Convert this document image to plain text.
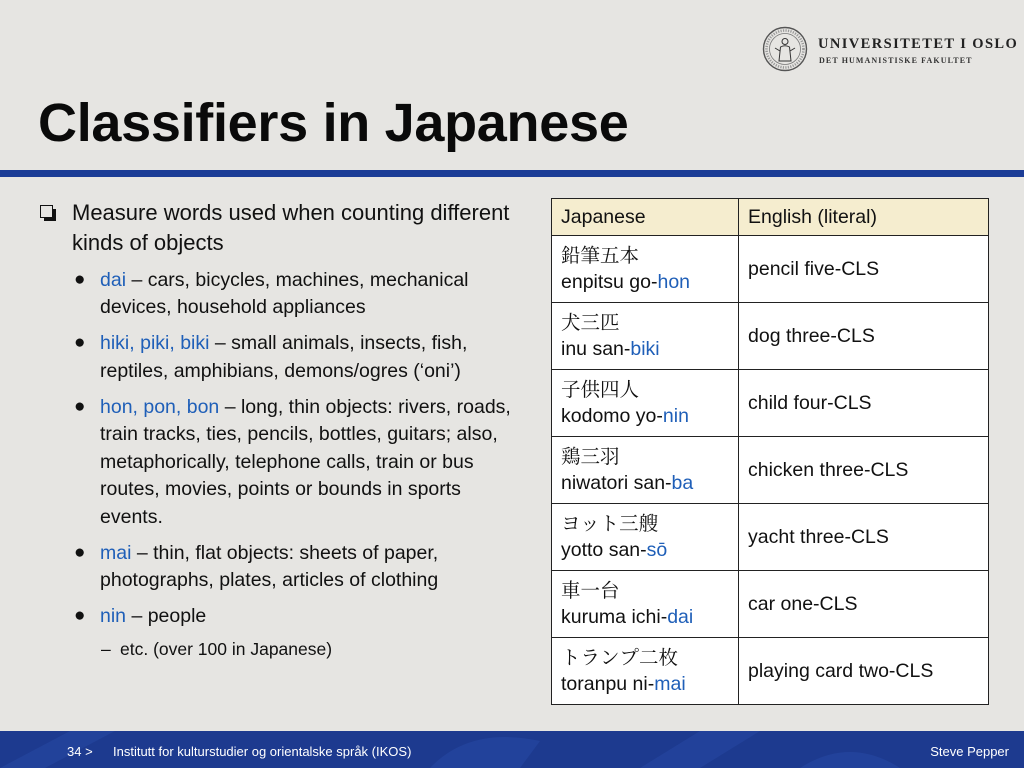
UNIVERSITETET I OSLO
DET HUMANISTISKE FAKULTET
Classifiers in Japanese
Measure words used when counting different kinds of objects
● dai – cars, bicycles, machines, mechanical devices, household appliances
● hiki, piki, biki – small animals, insects, fish, reptiles, amphibians, demons/ogres (‘oni’)
● hon, pon, bon – long, thin objects: rivers, roads, train tracks, ties, pencils, bottles, guitars; also, metaphorically, telephone calls, train or bus routes, movies, points or bounds in sports events.
● mai – thin, flat objects: sheets of paper, photographs, plates, articles of clothing
● nin – people
– etc. (over 100 in Japanese)
Japanese	English (literal)
鉛筆五本
enpitsu go-hon	pencil five-CLS
犬三匹
inu san-biki	dog three-CLS
子供四人
kodomo yo-nin	child four-CLS
鶏三羽
niwatori san-ba	chicken three-CLS
ヨット三艘
yotto san-sō	yacht three-CLS
車一台
kuruma ichi-dai	car one-CLS
トランプ二枚
toranpu ni-mai	playing card two-CLS
34 > Institutt for kulturstudier og orientalske språk (IKOS)	Steve Pepper
